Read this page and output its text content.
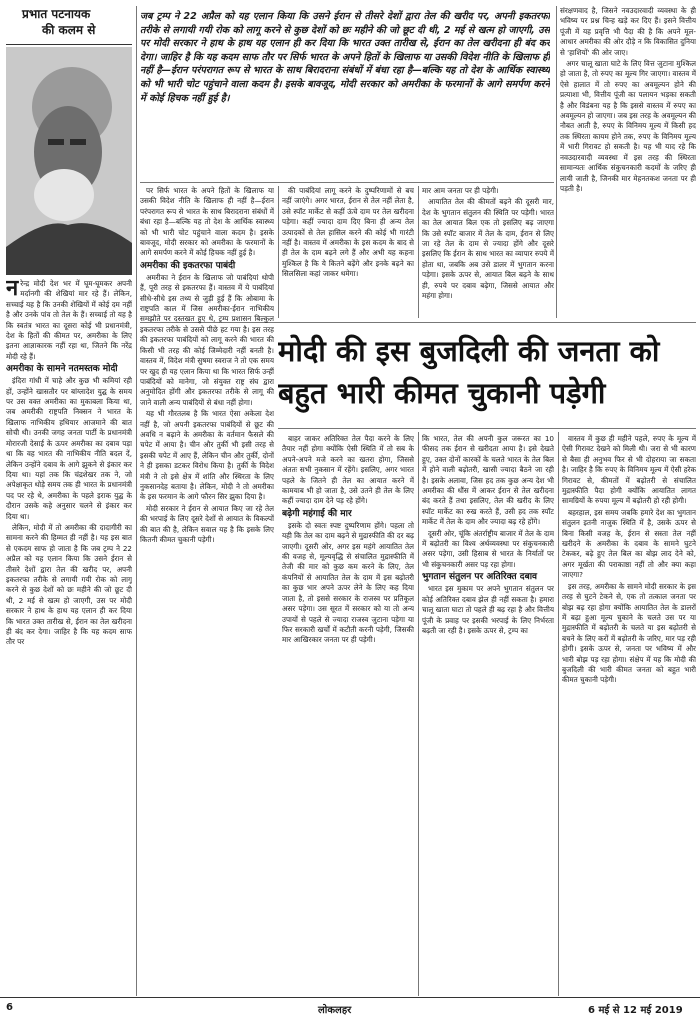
प्रभात पटनायक
की कलम से
जब ट्रम्प ने 22 अप्रैल को यह एलान किया कि उसने ईरान से तीसरे देशों द्वारा तेल की खरीद पर, अपनी इकतरफा तरीके से लगायी गयी रोक को लागू करने से कुछ देशों को छः महीने की जो छूट दी थी, 2 मई से खत्म हो जाएगी, उस पर मोदी सरकार ने हाथ के हाथ यह एलान ही कर दिया कि भारत उक्त तारीख से, ईरान का तेल खरीदना ही बंद कर देगा। जाहिर है कि यह कदम साफ तौर पर सिर्फ भारत के अपने हितों के खिलाफ या उसकी विदेश नीति के खिलाफ ही नहीं है—ईरान परंपरागत रूप से भारत के साथ बिरादराना संबंधों में बंधा रहा है—बल्कि यह तो देश के आर्थिक स्वास्थ्य को भी भारी चोट पहुंचाने वाला कदम है। इसके बावजूद, मोदी सरकार को अमरीका के फरमानों के आगे समर्पण करने में कोई हिचक नहीं हुई है।

नरेन्द्र मोदी देश भर में घूम-घूमकर अपनी मर्दानगी की शेखियां मार रहे हैं। लेकिन, सच्चाई यह है कि उनकी शेखियों में कोई दम नहीं है और उनके पांव तो तेल के हैं। सच्चाई तो यह है कि स्वतंत्र भारत का दूसरा कोई भी प्रधानमंत्री, देश के हितों की कीमत पर, अमरीका के लिए इतना आज्ञाकारक नहीं रहा था, जितने कि नरेंद्र मोदी रहे हैं।

अमरीका के सामने नतमस्तक मोदी

इंदिरा गांधी में चाहे और कुछ भी कमियां रही हों, उन्होंने खासतौर पर बांग्लादेश युद्घ के समय पर उस वक्त अमरीका का मुकाबला किया था, जब अमरीकी राष्ट्रपति निक्सन ने भारत के खिलाफ नाभिकीय हथियार आजमाने की बात सोची थी। उनकी जगह जनता पार्टी के प्रधानमंत्री मोरारजी देसाई के ऊपर अमरीका का दबाव पड़ा था कि वह भारत की नाभिकीय नीति बदल दें, लेकिन उन्होंने दबाव के आगे झुकने से इंकार कर दिया था। यहां तक कि चंद्रशेखर तक ने, जो अपेक्षाकृत थोड़े समय तक ही भारत के प्रधानमंत्री पद पर रहे थे, अमरीका के पहले इराक युद्घ के दौरान उसके कहे अनुसार चलने से इंकार कर दिया था।

लेकिन, मोदी में तो अमरीका की दादागीरी का सामना करने की हिम्मत ही नहीं है। यह इस बात से एकदम साफ हो जाता है कि जब ट्रम्प ने 22 अप्रैल को यह एलान किया कि उसने ईरान से तीसरे देशों द्वारा तेल की खरीद पर, अपनी इकतरफा तरीके से लगायी गयी रोक को लागू करने से कुछ देशों को छः महीने की जो छूट दी थी, 2 मई से खत्म हो जाएगी, उस पर मोदी सरकार ने हाथ के हाथ यह एलान ही कर दिया कि भारत उक्त तारीख से, ईरान का तेल खरीदना ही बंद कर देगा। जाहिर है कि यह कदम साफ तौर पर

पर सिर्फ भारत के अपने हितों के खिलाफ या उसकी विदेश नीति के खिलाफ ही नहीं है—ईरान परंपरागत रूप से भारत के साथ बिरादराना संबंधों में बंधा रहा है—बल्कि यह तो देश के आर्थिक स्वास्थ्य को भी भारी चोट पहुंचाने वाला कदम है। इसके बावजूद, मोदी सरकार को अमरीका के फरमानों के आगे समर्पण करने में कोई हिचक नहीं हुई है।

अमरीका की इकतरफा पाबंदी

अमरीका ने ईरान के खिलाफ जो पाबंदियां थोपी हैं, पूरी तरह से इकतरफा हैं। वास्तव में ये पाबंदियां सीधे-सीधे इस तथ्य से जुड़ी हुई हैं कि ओबामा के राष्ट्रपति काल में जिस अमरीका-ईरान नाभिकीय समझौते पर दस्तखत हुए थे, ट्रम्प प्रशासन बिल्कुल इकतरफा तरीके से उससे पीछे हट गया है। इस तरह की इकतरफा पाबंदियों को लागू करने की भारत की किसी भी तरह की कोई जिम्मेदारी नहीं बनती है। वास्तव में, विदेश मंत्री सुषमा स्वराज ने तो एक समय पर खुद ही यह एलान किया था कि भारत सिर्फ उन्हीं पाबंदियों को मानेगा, जो संयुक्त राष्ट्र संघ द्वारा अनुमोदित होंगी और इकतरफा तरीके से लागू की जाने वाली अन्य पाबंदियों से बंधा नहीं होगा।

यह भी गौरतलब है कि भारत ऐसा अकेला देश नहीं है, जो अपनी इकतरफा पाबंदियों से छूट की अवधि न बढ़ाने के अमरीका के वर्तमान फैसले की चपेट में आया है। चीन और तुर्की भी इसी तरह से इसकी चपेट में आए हैं, लेकिन चीन और तुर्की, दोनों ने ही इसका डटकर विरोध किया है। तुर्की के विदेश मंत्री ने तो इसे क्षेत्र में शांति और स्थिरता के लिए नुकसानदेह बताया है। लेकिन, मोदी ने तो अमरीका के इस फरमान के आगे फौरन सिर झुका दिया है।

मोदी सरकार ने ईरान से आयात किए जा रहे तेल की भरपाई के लिए दूसरे देशों से आयात के विकल्पों की बात की है, लेकिन सवाल यह है कि इसके लिए कितनी कीमत चुकानी पड़ेगी।

की पाबंदियां लागू करने के दुष्परिणामों से बच नहीं जाएंगे। अगर भारत, ईरान से तेल नहीं लेता है, उसे स्पॉट मार्केट से कहीं ऊंचे दाम पर तेल खरीदना पड़ेगा। कहीं ज्यादा दाम दिए बिना ही अन्य तेल उत्पादकों से तेल हासिल करने की कोई भी गारंटी नहीं है। वास्तव में अमरीका के इस कदम के बाद से ही तेल के दाम बढ़ने लगे हैं और अभी यह कहना मुश्किल है कि ये कितने बढ़ेंगे और इनके बढ़ने का सिलसिला कहां जाकर थमेगा।

मार आम जनता पर ही पड़ेगी।

आयातित तेल की कीमतों बढ़ने की दूसरी मार, देश के भुगतान संतुलन की स्थिति पर पड़ेगी। भारत का तेल आयात बिल एक तो इसलिए बढ़ जाएगा कि उसे स्पॉट बाजार में तेल के दाम, ईरान से लिए जा रहे तेल के दाम से ज्यादा होंगे और दूसरे इसलिए कि ईरान के साथ भारत का व्यापार रुपये में होता था, जबकि अब उसे डालर में भुगतान करना पड़ेगा। इसके ऊपर से, आयात बिल बढ़ने के साथ ही, रुपये पर दबाव बढ़ेगा, जिससे आयात और महंगा होगा।

संरक्षणवाद है, जिसने नवउदारवादी व्यवस्था के ही भविष्य पर प्रश्न चिन्ह खड़े कर दिए हैं। इसने वित्तीय पूंजी में यह प्रवृत्ति भी पैदा की है कि अपने मूल-आधार अमरीका की ओर दौड़े न कि विकासित दुनिया से 'हाशियों' की ओर जाए।

अगर चालू खाता घाटे के लिए वित्त जुटाना मुश्किल हो जाता है, तो रुपए का मूल्य गिर जाएगा। वास्तव में ऐसे हालात में तो रुपए का अवमूल्यन होने की प्रत्याशा भी, वित्तीय पूंजी का पलायन भड़का सकती है और विडंबना यह है कि इससे वास्तव में रुपए का अवमूल्यन हो जाएगा। जब इस तरह के अवमूल्यन की नौबत आती है, रुपए के विनिमय मूल्य में किसी हद तक स्थिरता कायम होने तक, रुपए के विनिमय मूल्य में भारी गिरावट हो सकती है। यह भी याद रहे कि नवउदारवादी व्यवस्था में इस तरह की स्थिरता सामान्यतः आर्थिक संकुचनकारी कदमों के जरिए ही लायी जाती है, जिनकी मार मेहनतकश जनता पर ही पड़ती है।

मोदी की इस बुजदिली की जनता को
बहुत भारी कीमत चुकानी पड़ेगी

बाहर जाकर अतिरिक्त तेल पैदा करने के लिए तैयार नहीं होगा क्योंकि ऐसी स्थिति में तो सब के अपने-अपने मजे करने का खतरा होगा, जिससे अंततः सभी नुकसान में रहेंगे। इसलिए, अगर भारत पहले के जितने ही तेल का आयात करने में कामयाब भी हो जाता है, उसे उतने ही तेल के लिए कहीं ज्यादा दाम देने पड़ रहे होंगे।

बढ़ेगी महंगाई की मार

इसके दो स्वतः स्पष्ट दुष्परिणाम होंगे। पहला तो यही कि तेल का दाम बढ़ने से मुद्रास्फीति की दर बढ़ जाएगी। दूसरी ओर, अगर इस महंगे आयातित तेल की वजह से, मूल्यवृद्धि से संचालित मुद्रास्फीति में तेजी की मार को कुछ कम करने के लिए, तेल कंपनियों से आयातित तेल के दाम में इस बढ़ोतरी का कुछ भार अपने ऊपर लेने के लिए कह दिया जाता है, तो इससे सरकार के राजस्व पर प्रतिकूल असर पड़ेगा। उस सूरत में सरकार को या तो अन्य उपायों से पहले से ज्यादा राजस्व जुटाना पड़ेगा या फिर सरकारी खर्चों में कटौती करनी पड़ेगी, जिसकी मार आखिरकार जनता पर ही पड़ेगी।

कि भारत, तेल की अपनी कुल जरूरत का 10 फीसद तक ईरान से खरीदता आया है। इसे देखते हुए, उक्त दोनों कारकों के चलते भारत के तेल बिल में होने वाली बढ़ोतरी, खासी ज्यादा बैठने जा रही है। इसके अलावा, जिस हद तक कुछ अन्य देश भी अमरीका की धौंस में आकर ईरान से तेल खरीदना बंद करते हैं तथा इसलिए, तेल की खरीद के लिए स्पॉट मार्केट का रुख करते हैं, उसी हद तक स्पॉट मार्केट में तेल के दाम और ज्यादा बढ़ रहे होंगे।

दूसरी ओर, चूंकि अंतर्राष्ट्रीय बाजार में तेल के दाम में बढ़ोतरी का विश्व अर्थव्यवस्था पर संकुचनकारी असर पड़ेगा, उसी हिसाब से भारत के निर्यातों पर भी संकुचनकारी असर पड़ रहा होगा।

भुगतान संतुलन पर अतिरिक्त दबाव

भारत इस मुकाम पर अपने भुगतान संतुलन पर कोई अतिरिक्त दबाव झेल ही नहीं सकता है। हमारा चालू खाता घाटा तो पहले ही बढ़ रहा है और वित्तीय पूंजी के प्रवाह पर इसकी भरपाई के लिए निर्भरता बढ़ती जा रही है। इसके ऊपर से, ट्रम्प का

वास्तव में कुछ ही महीने पहले, रुपए के मूल्य में ऐसी गिरावट देखने को मिली थी। जरा से भी कारण से बैसा ही अनुभव फिर से भी दोहराया जा सकता है। जाहिर है कि रुपए के विनिमय मूल्य में ऐसी हरेक गिरावट से, कीमतों में बढ़ोतरी से संचालित मुद्रास्फीति पैदा होगी क्योंकि आयातित लागत सामग्रियों के रुपया मूल्य में बढ़ोतरी हो रही होगी।

बहरहाल, इस समय जबकि हमारे देश का भुगतान संतुलन इतनी नाजुक स्थिति में है, उसके ऊपर से बिना किसी वजह के, ईरान से सस्ता तेल नहीं खरीदने के अमरीका के दबाव के सामने घुटने टेककर, बढ़े हुए तेल बिल का बोझ लाद देने को, अगर मूर्खता की पराकाष्ठा नहीं तो और क्या कहा जाएगा?

इस तरह, अमरीका के सामने मोदी सरकार के इस तरह से घुटने टेकने से, एक तो तत्काल जनता पर बोझ बढ़ रहा होगा क्योंकि आयातित तेल के डालरों में बढ़ा हुआ मूल्य चुकाने के चलते उस पर या मुद्रास्फीति में बढ़ोतरी के चलते या इस बढ़ोतरी से बचने के लिए करों में बढ़ोतरी के जरिए, मार पड़ रही होगी। इसके ऊपर से, जनता पर भविष्य में और भारी बोझ पड़ रहा होगा। संक्षेप में यह कि मोदी की बुजदिली की भारी कीमत जनता को बहुत भारी कीमत चुकानी पड़ेगी।

6	लोकलहर	6 मई से 12 मई 2019
